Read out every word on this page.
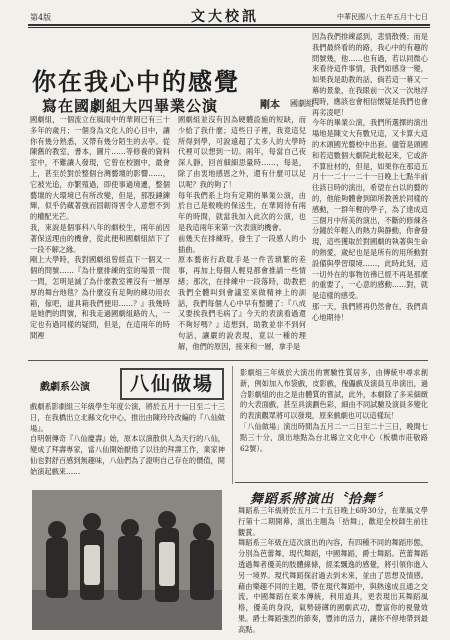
第4版	文大校訊	中華民國八十五年五月十七日
你在我心中的感覺
寫在國劇組大四畢業公演	剛本 國劇組
國劇組，一個流立在風雨中的華岡已有三十多年的歲月；一個身為文化人的心目中，讓你有幾分熟悉，又帶有幾分陌生的去亭。從陳舊的教室，書本，圖片……等修養的資料室中，不難讓人發現，它曾在校園中，最會上，甚至於對於整個台灣藝壇的影響……，它被光追，亦繁殖過，即使事過境遷，整個藝壇的大環境已有所改變，但是，那股錘鍊輝，似乎仍藏著強而固韌得害令人意想不到的權配光芒。
我，來說是個事科八年的劇校生，兩年前因著保送理由的機會，從此便和國劇組結下了一段不解之緣。
剛上大學時，我對國劇組曾經直下一個叉一個的問號……『為什麼排練的室的場景一問一問，怎明是滅了為什麼教室裡沒有一層厚厚的舞台地毯？為什麼沒有足夠的練功用衣箱，傢吧，道具箱我們便用……？』我幾時是她們的問號，和我走過國劇組路的人，一定也有過同樣的疑問，但是，在這兩年的時間裡
國劇組並沒有因為硬體設施的短缺，而少給了我什麼；這些日子裡，我竟這兒所得到學，可說遠超了太多人的大學時代裡可以想到一切。兩年，每當自己夜深人靜，回首細細思量時……，每是，除了由衷地感恩之外，還有什麼可以足以呢？我的夠了！
每年我們系上均有定期的畢業公演，由於自己是較晚的保送生，在華岡待有兩年的時間，就當我加入此次的公演，也是我這兩年來第一次表演的機會。
前幾天在排練時，發生了一段感人的小插曲。
原本藝術行政耽手是一件苦瑣繁的差事，再加上每個人輕見都會推請一些情緒；那次，在排練中一段落時，助教把我們全體叫到會議室來做精神上的訓話，我們每個人心中早有整體了：『八成又要挨我們毛病了』今天的表演看過還不夠好嗎？』這想到，助教並非不到何句話，讓嚴的說表現，竟以一種的理解，他們的原因，接來和一層，拿手是
因為我們排練認到，悲情散慢；而是我們最終看的的路，我心中的有趣的問號幾，他……也有過，若以同微心來看待這件事情，我們如感身一變，如果我是助教的話，倘若這一幕又一幕的景象，在我眼前一次又一次地浮現時，應該也會相信懷疑是我們也會再劣凌吧！
今年的畢業公演，我們所選擇的演出場地是陳文大有數兄這，又卡算大這的木頭國光藝校中出套。儘管是頭國和若這數個大劇院此較起來，它或許不算壯材的，但是，如果你在那這五月十一二十一二十一日晚上七點半前往該日時的演出，希望在台以的藝的的，他能夠體會到師所教善於同樣的感動，一群年輕的學子，為了達成這三個月中所美的演出，不斷的修煉各分鐘於年輕人的熱力與静動，你會發現，這些獲取於對國劇的執著與生命的熱愛，歲紀也是是所有的用所動對設備與學習環境……，此時此刻，這一切外在的事物彷彿已經不再是那麼的重要了，一心意的感動……對，就是這樣的感受。
那一天，我們將再仍然會在，我們真心地期待！
戲劇系公演	八仙做場
戲劇系影劇組三年級學生年度公演，將於五月十一日至二十三日，在我橋出立北縣文化中心，推出由陳玲玲改編的『八仙做場』。
自明朝傳奇『八仙慶壽』始，原本以演散供人為天行的八仙，變成了拜壽專家，當八仙開始厭倦了以往的拜壽工作，業家神仙也對舒百感到無趣味，八仙們為了證明自己存在的價值，開始演起戲來……
影劇組三年級於大演出的實驗性質居多，由傳統中尋求創新，例如加入布袋戲，皮影戲，傀儡戲及演員互串演出，過合影劇組的由之是由體質的嘗試，此外，本劇除了多采細緻的大表面戲，甚至具演劃色彩，細由不同試驗及演員多變化的表演觀眾將可以發現，原來戲劇也可以這樣玩！
「八仙做場」演出時間為五月二一二日至二十三日，晚間七點三十分，演出地點為台北縣立文化中心（板橋市莊敬路62號）。
舞蹈系將演出〝拾舞〞
舞蹈系三年級將於五月二十五日晚上6時30分，在華風文學行第十二期開幕，演出主題為「拾舞」，歡迎全校師生前往觀賞。
舞蹈系三年級在這次演出的內容，有四種不同的舞蹈形態，分別為芭蕾舞，現代舞蹈，中國舞蹈，爵士舞蹈。芭蕾舞蹈透過舞者優美的肢體線條，經柔飄逸的感覺，將引領你進入另一境界。現代舞蹈探討過去到未來，並由了思想及情感。藉由樂趣不同的主題，帶在現代舞蹈中，與熱遠成且通之交流。中國舞蹈在東本傳統，利用道具，更表現出其舞蹈風格，優美的身段，氣勢磅礡的國劇武功，豐富你的視覺效果。爵士舞蹈強烈的節奏，豐沛的活力，讓你不停地帶到最高點。
